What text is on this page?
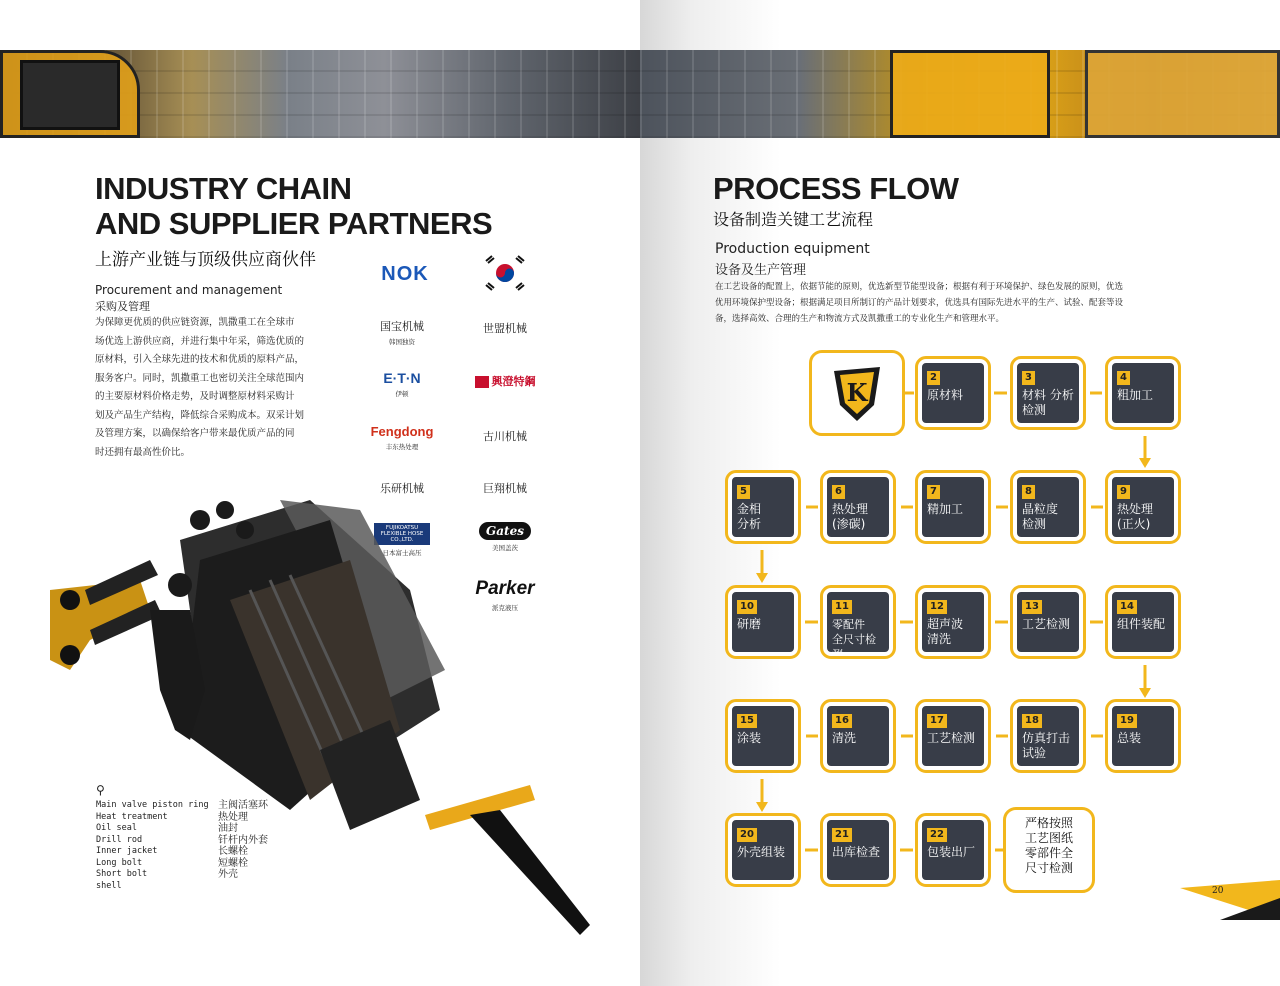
INDUSTRY CHAIN
AND SUPPLIER PARTNERS
上游产业链与顶级供应商伙伴
Procurement and management
采购及管理
为保障更优质的供应链资源，凯撒重工在全球市
场优选上游供应商，并进行集中年采，筛选优质的
原材料，引入全球先进的技术和优质的原料产品，
服务客户。同时，凯撒重工也密切关注全球范围内
的主要原材料价格走势，及时调整原材料采购计
划及产品生产结构，降低综合采购成本。双采计划
及管理方案，以确保给客户带来最优质产品的同
时还拥有最高性价比。
NOK
国宝机械
韩国独资
世盟机械
E·T·N
伊顿
興澄特鋼
Fengdong
丰东热处理
古川机械
乐研机械	巨翔机械
FUJIKOATSU FLEXIBLE HOSE CO.,LTD.
日本富士高压
Gates
美国盖茨
Parker
派克液压
⚲
Main valve piston ring
Heat treatment
Oil seal
Drill rod
Inner jacket
Long bolt
Short bolt
shell
主阀活塞环
热处理
油封
钎杆内外套
长螺栓
短螺栓
外壳
PROCESS FLOW
设备制造关键工艺流程
Production equipment
设备及生产管理
在工艺设备的配置上，依据节能的原则，优选新型节能型设备；根据有利于环境保护、绿色发展的原则，优选
优用环境保护型设备；根据满足项目所制订的产品计划要求，优选具有国际先进水平的生产、试验、配套等设
备，选择高效、合理的生产和物流方式及凯撒重工的专业化生产和管理水平。
K
2
原材料
3
材料 分析
检测
4
粗加工
5
金相
分析
6
热处理
(渗碳)
7
精加工
8
晶粒度
检测
9
热处理
(正火)
10
研磨
11
零配件
全尺寸检测
12
超声波
清洗
13
工艺检测
14
组件装配
15
涂装
16
清洗
17
工艺检测
18
仿真打击
试验
19
总装
20
外壳组装
21
出库检查
22
包装出厂
严格按照
工艺图纸
零部件全
尺寸检测
20
